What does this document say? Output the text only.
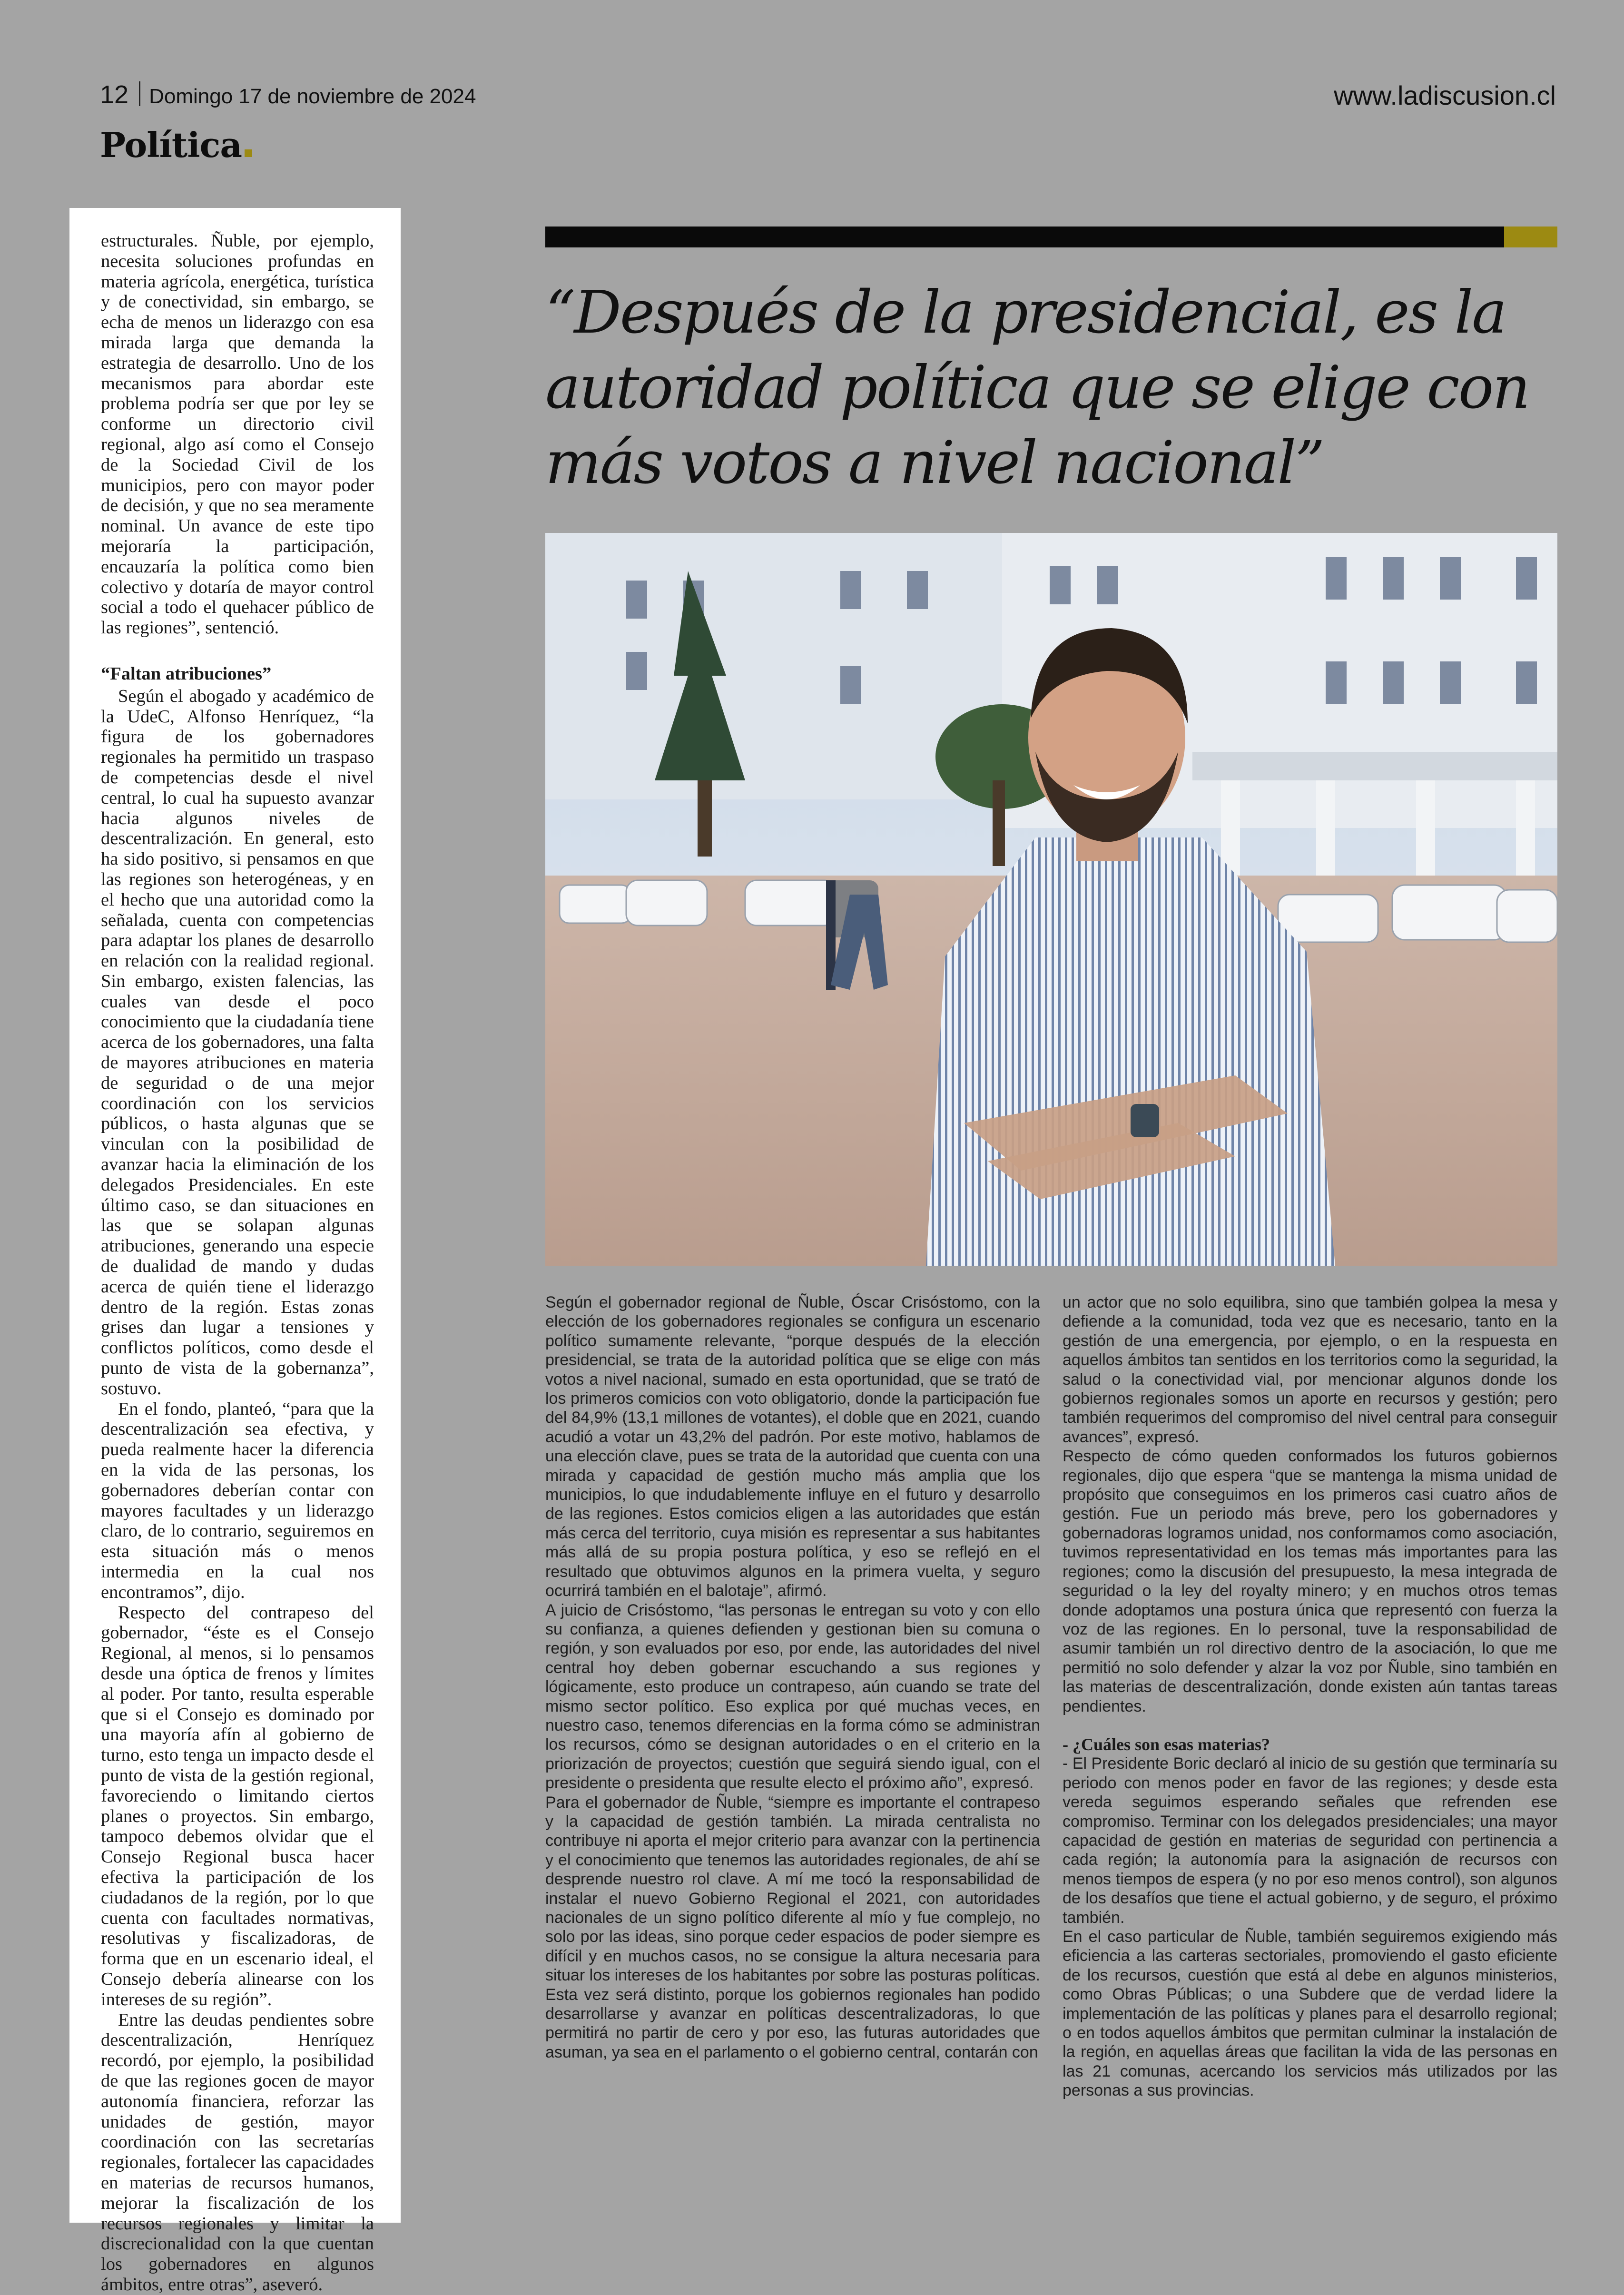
12 Domingo 17 de noviembre de 2024	www.ladiscusion.cl
Política

estructurales. Ñuble, por ejemplo, necesita soluciones profundas en materia agrícola, energética, turística y de conectividad, sin embargo, se echa de menos un liderazgo con esa mirada larga que demanda la estrategia de desarrollo. Uno de los mecanismos para abordar este problema podría ser que por ley se conforme un directorio civil regional, algo así como el Consejo de la Sociedad Civil de los municipios, pero con mayor poder de decisión, y que no sea meramente nominal. Un avance de este tipo mejoraría la participación, encauzaría la política como bien colectivo y dotaría de mayor control social a todo el quehacer público de las regiones”, sentenció.

“Faltan atribuciones”

Según el abogado y académico de la UdeC, Alfonso Henríquez, “la figura de los gobernadores regionales ha permitido un traspaso de competencias desde el nivel central, lo cual ha supuesto avanzar hacia algunos niveles de descentralización. En general, esto ha sido positivo, si pensamos en que las regiones son heterogéneas, y en el hecho que una autoridad como la señalada, cuenta con competencias para adaptar los planes de desarrollo en relación con la realidad regional. Sin embargo, existen falencias, las cuales van desde el poco conocimiento que la ciudadanía tiene acerca de los gobernadores, una falta de mayores atribuciones en materia de seguridad o de una mejor coordinación con los servicios públicos, o hasta algunas que se vinculan con la posibilidad de avanzar hacia la eliminación de los delegados Presidenciales. En este último caso, se dan situaciones en las que se solapan algunas atribuciones, generando una especie de dualidad de mando y dudas acerca de quién tiene el liderazgo dentro de la región. Estas zonas grises dan lugar a tensiones y conflictos políticos, como desde el punto de vista de la gobernanza”, sostuvo.

En el fondo, planteó, “para que la descentralización sea efectiva, y pueda realmente hacer la diferencia en la vida de las personas, los gobernadores deberían contar con mayores facultades y un liderazgo claro, de lo contrario, seguiremos en esta situación más o menos intermedia en la cual nos encontramos”, dijo.

Respecto del contrapeso del gobernador, “éste es el Consejo Regional, al menos, si lo pensamos desde una óptica de frenos y límites al poder. Por tanto, resulta esperable que si el Consejo es dominado por una mayoría afín al gobierno de turno, esto tenga un impacto desde el punto de vista de la gestión regional, favoreciendo o limitando ciertos planes o proyectos. Sin embargo, tampoco debemos olvidar que el Consejo Regional busca hacer efectiva la participación de los ciudadanos de la región, por lo que cuenta con facultades normativas, resolutivas y fiscalizadoras, de forma que en un escenario ideal, el Consejo debería alinearse con los intereses de su región”.

Entre las deudas pendientes sobre descentralización, Henríquez recordó, por ejemplo, la posibilidad de que las regiones gocen de mayor autonomía financiera, reforzar las unidades de gestión, mayor coordinación con las secretarías regionales, fortalecer las capacidades en materias de recursos humanos, mejorar la fiscalización de los recursos regionales y limitar la discrecionalidad con la que cuentan los gobernadores en algunos ámbitos, entre otras”, aseveró.

“Después de la presidencial, es la autoridad política que se elige con más votos a nivel nacional”

Según el gobernador regional de Ñuble, Óscar Crisóstomo, con la elección de los gobernadores regionales se configura un escenario político sumamente relevante, “porque después de la elección presidencial, se trata de la autoridad política que se elige con más votos a nivel nacional, sumado en esta oportunidad, que se trató de los primeros comicios con voto obligatorio, donde la participación fue del 84,9% (13,1 millones de votantes), el doble que en 2021, cuando acudió a votar un 43,2% del padrón. Por este motivo, hablamos de una elección clave, pues se trata de la autoridad que cuenta con una mirada y capacidad de gestión mucho más amplia que los municipios, lo que indudablemente influye en el futuro y desarrollo de las regiones. Estos comicios eligen a las autoridades que están más cerca del territorio, cuya misión es representar a sus habitantes más allá de su propia postura política, y eso se reflejó en el resultado que obtuvimos algunos en la primera vuelta, y seguro ocurrirá también en el balotaje”, afirmó.

A juicio de Crisóstomo, “las personas le entregan su voto y con ello su confianza, a quienes defienden y gestionan bien su comuna o región, y son evaluados por eso, por ende, las autoridades del nivel central hoy deben gobernar escuchando a sus regiones y lógicamente, esto produce un contrapeso, aún cuando se trate del mismo sector político. Eso explica por qué muchas veces, en nuestro caso, tenemos diferencias en la forma cómo se administran los recursos, cómo se designan autoridades o en el criterio en la priorización de proyectos; cuestión que seguirá siendo igual, con el presidente o presidenta que resulte electo el próximo año”, expresó.

Para el gobernador de Ñuble, “siempre es importante el contrapeso y la capacidad de gestión también. La mirada centralista no contribuye ni aporta el mejor criterio para avanzar con la pertinencia y el conocimiento que tenemos las autoridades regionales, de ahí se desprende nuestro rol clave. A mí me tocó la responsabilidad de instalar el nuevo Gobierno Regional el 2021, con autoridades nacionales de un signo político diferente al mío y fue complejo, no solo por las ideas, sino porque ceder espacios de poder siempre es difícil y en muchos casos, no se consigue la altura necesaria para situar los intereses de los habitantes por sobre las posturas políticas. Esta vez será distinto, porque los gobiernos regionales han podido desarrollarse y avanzar en políticas descentralizadoras, lo que permitirá no partir de cero y por eso, las futuras autoridades que asuman, ya sea en el parlamento o el gobierno central, contarán con

un actor que no solo equilibra, sino que también golpea la mesa y defiende a la comunidad, toda vez que es necesario, tanto en la gestión de una emergencia, por ejemplo, o en la respuesta en aquellos ámbitos tan sentidos en los territorios como la seguridad, la salud o la conectividad vial, por mencionar algunos donde los gobiernos regionales somos un aporte en recursos y gestión; pero también requerimos del compromiso del nivel central para conseguir avances”, expresó.

Respecto de cómo queden conformados los futuros gobiernos regionales, dijo que espera “que se mantenga la misma unidad de propósito que conseguimos en los primeros casi cuatro años de gestión. Fue un periodo más breve, pero los gobernadores y gobernadoras logramos unidad, nos conformamos como asociación, tuvimos representatividad en los temas más importantes para las regiones; como la discusión del presupuesto, la mesa integrada de seguridad o la ley del royalty minero; y en muchos otros temas donde adoptamos una postura única que representó con fuerza la voz de las regiones. En lo personal, tuve la responsabilidad de asumir también un rol directivo dentro de la asociación, lo que me permitió no solo defender y alzar la voz por Ñuble, sino también en las materias de descentralización, donde existen aún tantas tareas pendientes.

- ¿Cuáles son esas materias?

- El Presidente Boric declaró al inicio de su gestión que terminaría su periodo con menos poder en favor de las regiones; y desde esta vereda seguimos esperando señales que refrenden ese compromiso. Terminar con los delegados presidenciales; una mayor capacidad de gestión en materias de seguridad con pertinencia a cada región; la autonomía para la asignación de recursos con menos tiempos de espera (y no por eso menos control), son algunos de los desafíos que tiene el actual gobierno, y de seguro, el próximo también.

En el caso particular de Ñuble, también seguiremos exigiendo más eficiencia a las carteras sectoriales, promoviendo el gasto eficiente de los recursos, cuestión que está al debe en algunos ministerios, como Obras Públicas; o una Subdere que de verdad lidere la implementación de las políticas y planes para el desarrollo regional; o en todos aquellos ámbitos que permitan culminar la instalación de la región, en aquellas áreas que facilitan la vida de las personas en las 21 comunas, acercando los servicios más utilizados por las personas a sus provincias.
